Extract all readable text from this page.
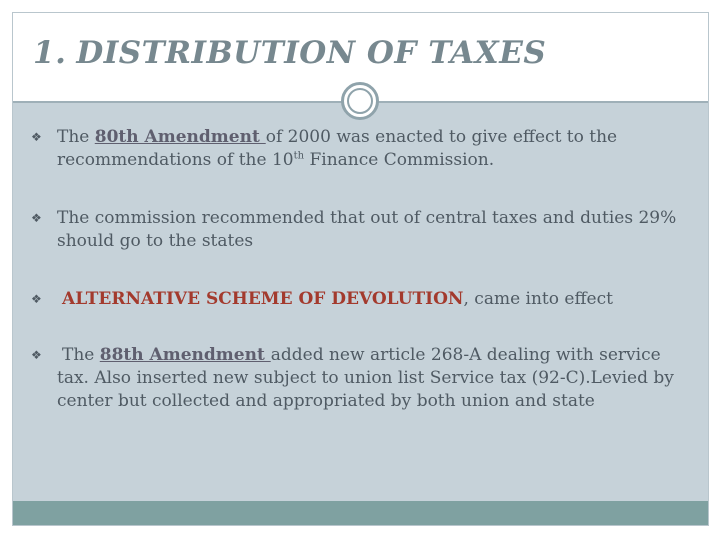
1. DISTRIBUTION OF TAXES
❖ The 80th Amendment of 2000 was enacted to give effect to the recommendations of the 10th Finance Commission.
❖ The commission recommended that out of central taxes and duties 29% should go to the states
❖ ALTERNATIVE SCHEME OF DEVOLUTION, came into effect
❖ The 88th Amendment added new article 268-A dealing with service tax. Also inserted new subject to union list Service tax (92-C).Levied by center but collected and appropriated by both union and state
